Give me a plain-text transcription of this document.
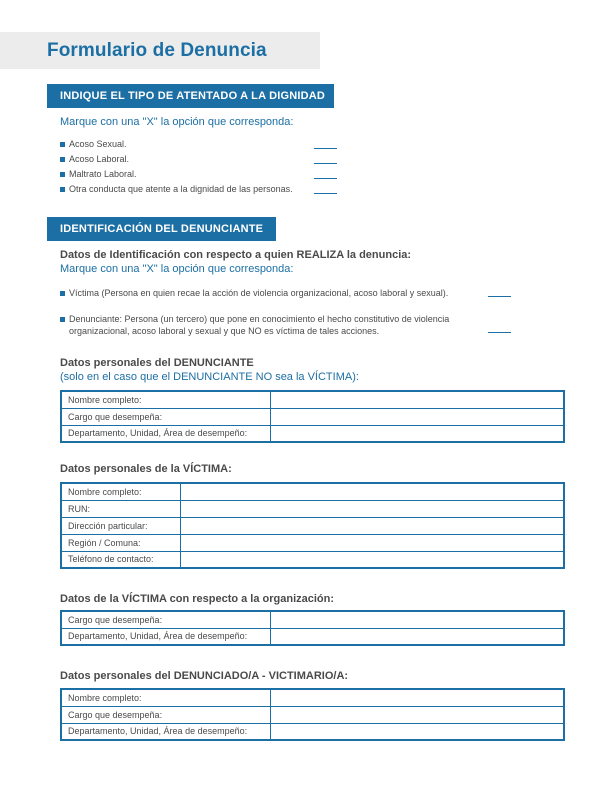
Formulario de Denuncia
INDIQUE EL TIPO DE ATENTADO A LA DIGNIDAD
Marque con una "X" la opción que corresponda:
Acoso Sexual.
Acoso Laboral.
Maltrato Laboral.
Otra conducta que atente a la dignidad de las personas.
IDENTIFICACIÓN DEL DENUNCIANTE
Datos de Identificación con respecto a quien REALIZA la denuncia:
Marque con una "X" la opción que corresponda:
Víctima (Persona en quien recae la acción de violencia organizacional, acoso laboral y sexual).
Denunciante: Persona (un tercero) que pone en conocimiento el hecho constitutivo de violencia
organizacional, acoso laboral y sexual y que NO es víctima de tales acciones.
Datos personales del DENUNCIANTE
(solo en el caso que el DENUNCIANTE NO sea la VÍCTIMA):
Nombre completo:	
Cargo que desempeña:	
Departamento, Unidad, Área de desempeño:	
Datos personales de la VÍCTIMA:
Nombre completo:	
RUN:	
Dirección particular:	
Región / Comuna:	
Teléfono de contacto:	
Datos de la VÍCTIMA con respecto a la organización:
Cargo que desempeña:	
Departamento, Unidad, Área de desempeño:	
Datos personales del DENUNCIADO/A - VICTIMARIO/A:
Nombre completo:	
Cargo que desempeña:	
Departamento, Unidad, Área de desempeño:	
